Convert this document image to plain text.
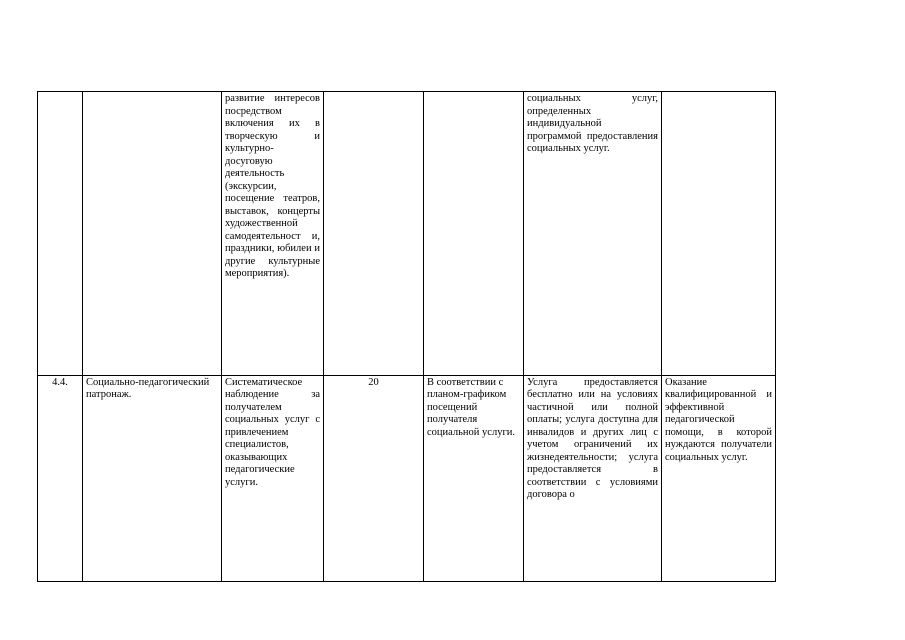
		развитие интересов посредством включения их в творческую и культурно-досуговую деятельность (экскурсии, посещение театров, выставок, концерты художественной самодеятельност и, праздники, юбилеи и другие культурные мероприятия).			социальных услуг, определенных индивидуальной программой предоставления социальных услуг.	
4.4.	Социально-педагогический патронаж.	Систематическое наблюдение за получателем социальных услуг с привлечением специалистов, оказывающих педагогические услуги.	20	В соответствии с планом-графиком посещений получателя социальной услуги.	Услуга предоставляется бесплатно или на условиях частичной или полной оплаты; услуга доступна для инвалидов и других лиц с учетом ограничений их жизнедеятельности; услуга предоставляется в соответствии с условиями договора о	Оказание квалифицированной и эффективной педагогической помощи, в которой нуждаются получатели социальных услуг.
